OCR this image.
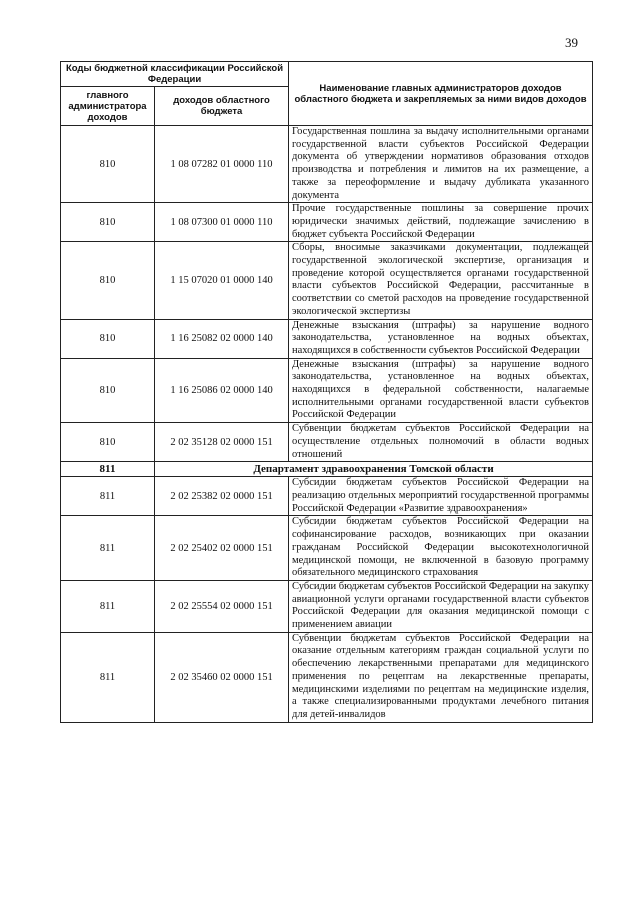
39
Коды бюджетной классификации Российской Федерации		Наименование главных администраторов доходов областного бюджета и закрепляемых за ними видов доходов
главного администратора доходов	доходов областного бюджета	
810	1 08 07282 01 0000 110	Государственная пошлина за выдачу исполнительными органами государственной власти субъектов Российской Федерации документа об утверждении нормативов образования отходов производства и потребления и лимитов на их размещение, а также за переоформление и выдачу дубликата указанного документа
810	1 08 07300 01 0000 110	Прочие государственные пошлины за совершение прочих юридически значимых действий, подлежащие зачислению в бюджет субъекта Российской Федерации
810	1 15 07020 01 0000 140	Сборы, вносимые заказчиками документации, подлежащей государственной экологической экспертизе, организация и проведение которой осуществляется органами государственной власти субъектов Российской Федерации, рассчитанные в соответствии со сметой расходов на проведение государственной экологической экспертизы
810	1 16 25082 02 0000 140	Денежные взыскания (штрафы) за нарушение водного законодательства, установленное на водных объектах, находящихся в собственности субъектов Российской Федерации
810	1 16 25086 02 0000 140	Денежные взыскания (штрафы) за нарушение водного законодательства, установленное на водных объектах, находящихся в федеральной собственности, налагаемые исполнительными органами государственной власти субъектов Российской Федерации
810	2 02 35128 02 0000 151	Субвенции бюджетам субъектов Российской Федерации на осуществление отдельных полномочий в области водных отношений
811	Департамент здравоохранения Томской области	
811	2 02 25382 02 0000 151	Субсидии бюджетам субъектов Российской Федерации на реализацию отдельных мероприятий государственной программы Российской Федерации «Развитие здравоохранения»
811	2 02 25402 02 0000 151	Субсидии бюджетам субъектов Российской Федерации на софинансирование расходов, возникающих при оказании гражданам Российской Федерации высокотехнологичной медицинской помощи, не включенной в базовую программу обязательного медицинского страхования
811	2 02 25554 02 0000 151	Субсидии бюджетам субъектов Российской Федерации на закупку авиационной услуги органами государственной власти субъектов Российской Федерации для оказания медицинской помощи с применением авиации
811	2 02 35460 02 0000 151	Субвенции бюджетам субъектов Российской Федерации на оказание отдельным категориям граждан социальной услуги по обеспечению лекарственными препаратами для медицинского применения по рецептам на лекарственные препараты, медицинскими изделиями по рецептам на медицинские изделия, а также специализированными продуктами лечебного питания для детей-инвалидов
